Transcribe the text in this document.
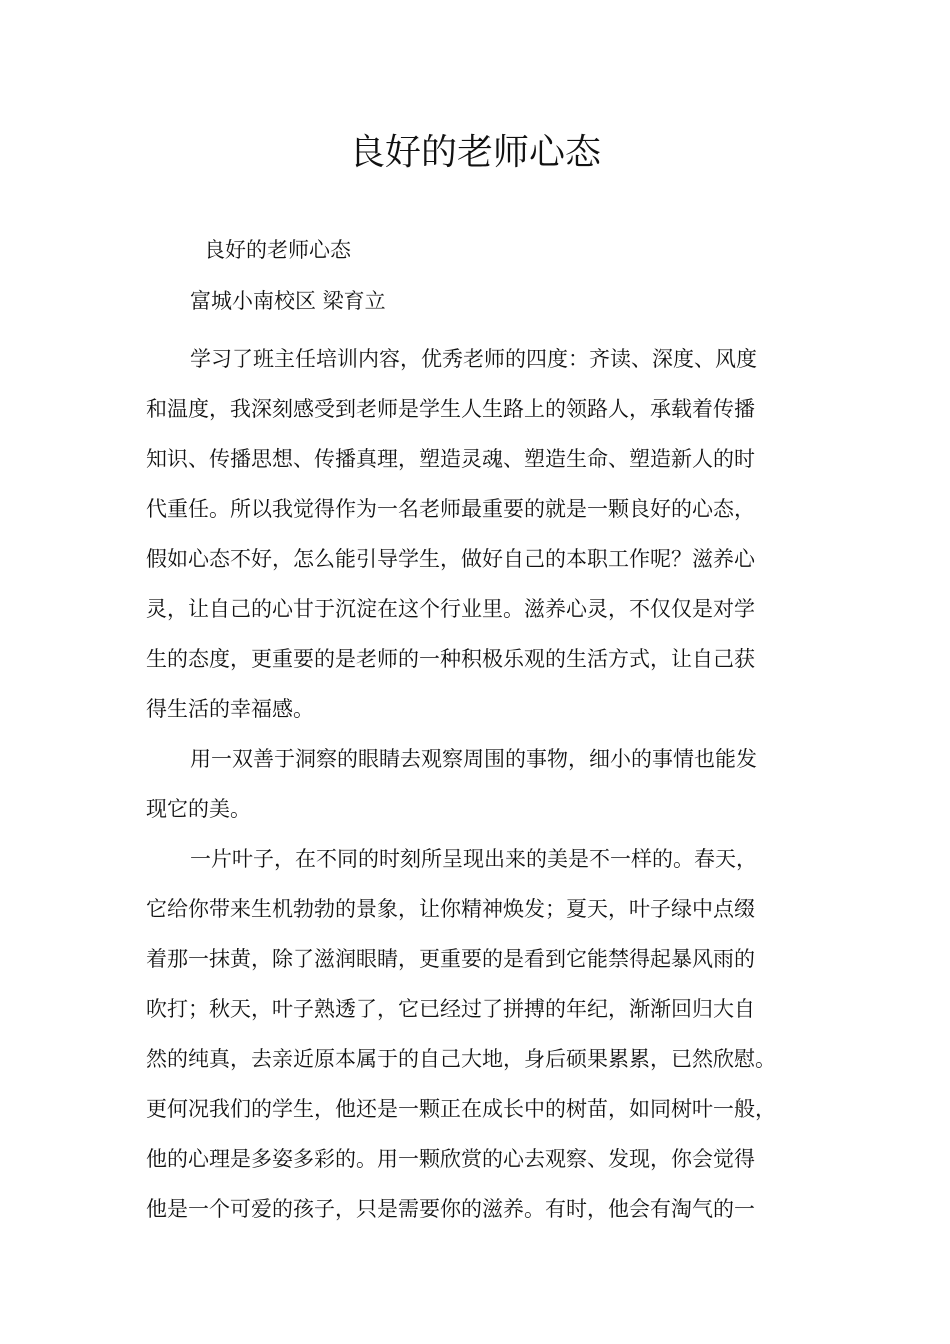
良好的老师心态
良好的老师心态
富城小南校区 梁育立

学习了班主任培训内容，优秀老师的四度：齐读、深度、风度
和温度，我深刻感受到老师是学生人生路上的领路人，承载着传播
知识、传播思想、传播真理，塑造灵魂、塑造生命、塑造新人的时
代重任。所以我觉得作为一名老师最重要的就是一颗良好的心态，
假如心态不好，怎么能引导学生，做好自己的本职工作呢？滋养心
灵，让自己的心甘于沉淀在这个行业里。滋养心灵，不仅仅是对学
生的态度，更重要的是老师的一种积极乐观的生活方式，让自己获
得生活的幸福感。

用一双善于洞察的眼睛去观察周围的事物，细小的事情也能发
现它的美。

一片叶子，在不同的时刻所呈现出来的美是不一样的。春天，
它给你带来生机勃勃的景象，让你精神焕发；夏天，叶子绿中点缀
着那一抹黄，除了滋润眼睛，更重要的是看到它能禁得起暴风雨的
吹打；秋天，叶子熟透了，它已经过了拼搏的年纪，渐渐回归大自
然的纯真，去亲近原本属于的自己大地，身后硕果累累，已然欣慰。
更何况我们的学生，他还是一颗正在成长中的树苗，如同树叶一般，
他的心理是多姿多彩的。用一颗欣赏的心去观察、发现，你会觉得
他是一个可爱的孩子，只是需要你的滋养。有时，他会有淘气的一
